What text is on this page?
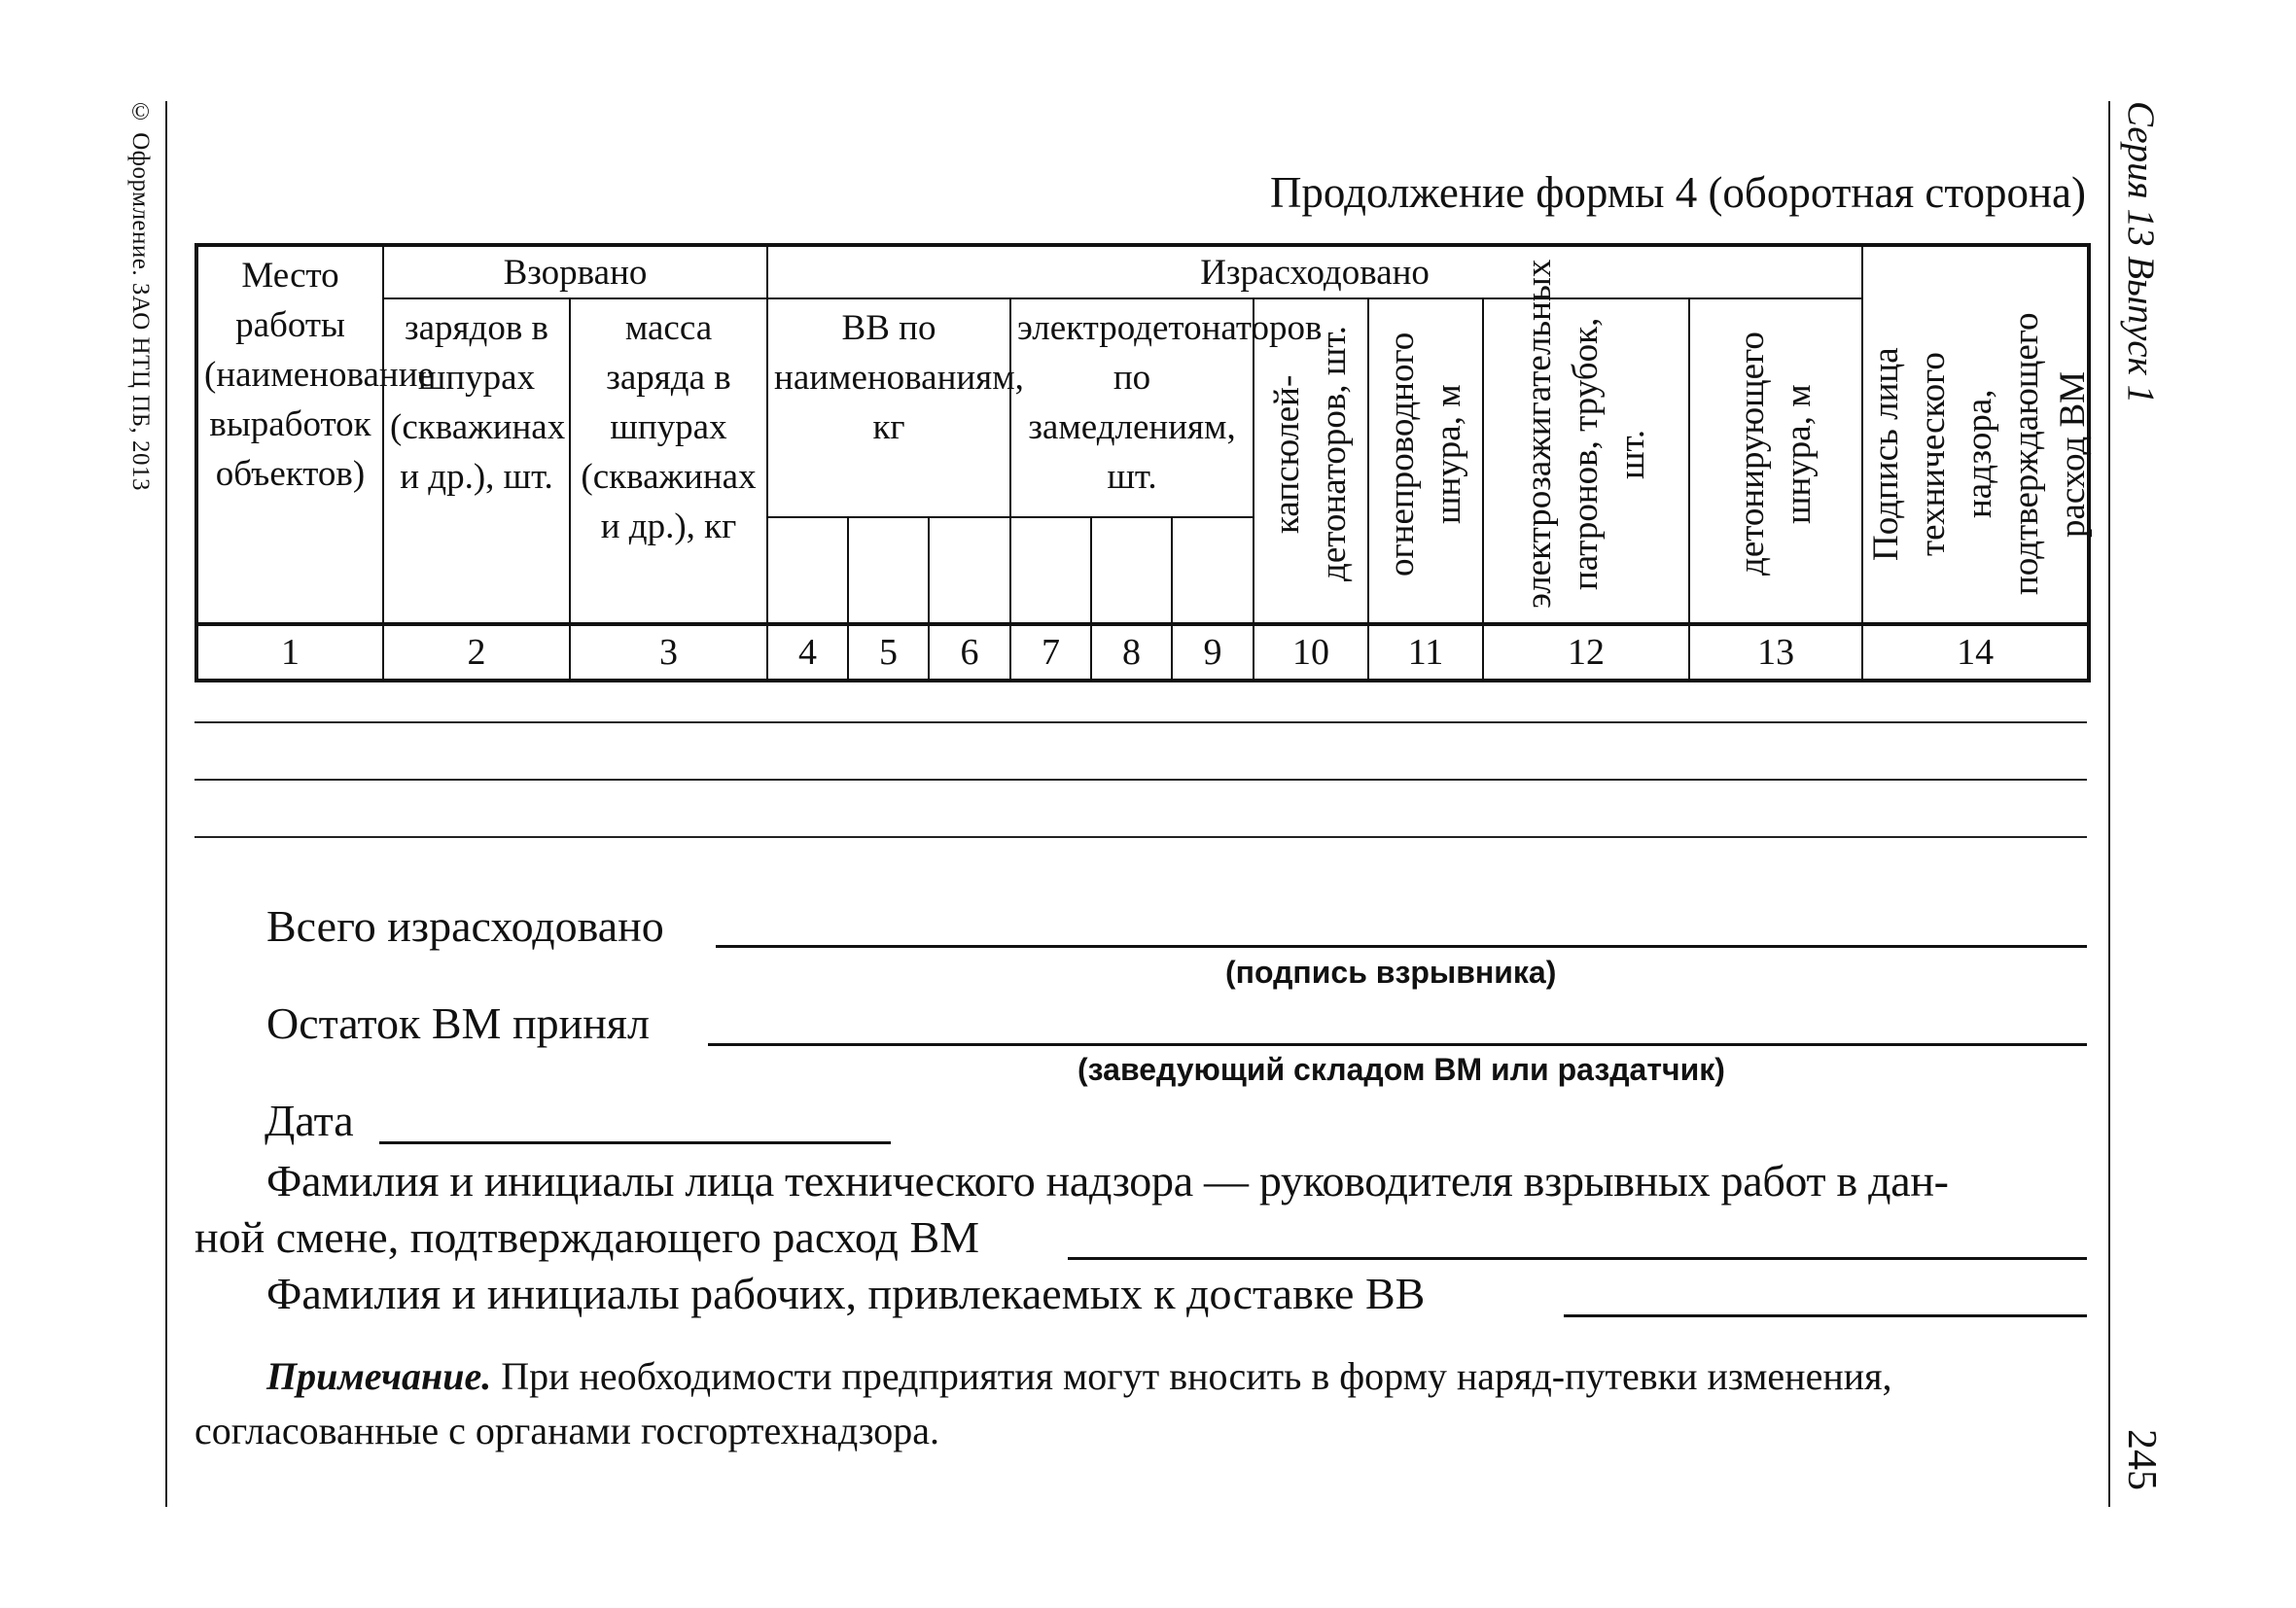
© Оформление. ЗАО НТЦ ПБ, 2013	Серия 13 Выпуск 1
245
Продолжение формы 4 (оборотная сторона)
Место работы (наименование выработок объектов)	Взорвано		Израсходовано										Подпись лица технического надзора, подтверждающего расход ВМ
	зарядов в шпурах (скважинах и др.), шт.	масса заряда в шпурах (скважинах и др.), кг	ВВ по наименованиям, кг			электродетонаторов по замедлениям, шт.			капсюлей-детонаторов, шт.	огнепроводного шнура, м	электрозажигательных патронов, трубок, шт.	детонирующего шнура, м	

1	2	3	4	5	6	7	8	9	10	11	12	13	14
Всего израсходовано
(подпись взрывника)
Остаток ВМ принял
(заведующий складом ВМ или раздатчик)
Дата
Фамилия и инициалы лица технического надзора — руководителя взрывных работ в дан-
ной смене, подтверждающего расход ВМ
Фамилия и инициалы рабочих, привлекаемых к доставке ВВ
Примечание. При необходимости предприятия могут вносить в форму наряд-путевки изменения, согласованные с органами госгортехнадзора.
